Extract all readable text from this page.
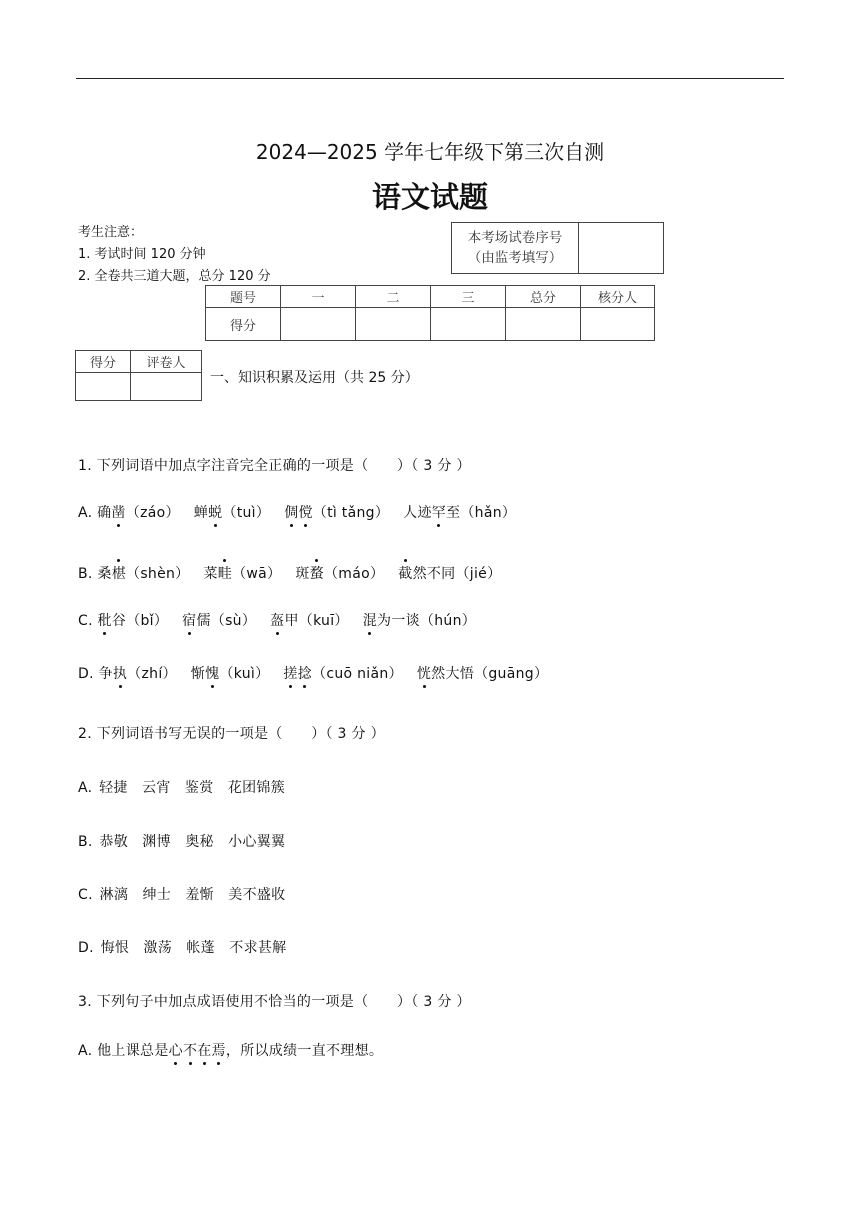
2024—2025 学年七年级下第三次自测
语文试题
考生注意：
1. 考试时间 120 分钟
2. 全卷共三道大题，总分 120 分
本考场试卷序号
（由监考填写）

题号	一	二	三	总分	核分人
得分					
得分	评卷人

一、知识积累及运用（共 25 分）
1. 下列词语中加点字注音完全正确的一项是（　　）（ 3 分 ）
A. 确凿（záo） 蝉蜕（tuì） 倜傥（tì tǎng） 人迹罕至（hǎn）
B. 桑椹（shèn） 菜畦（wā） 斑蝥（máo） 截然不同（jié）
C. 秕谷（bǐ） 宿儒（sù） 盔甲（kuī） 混为一谈（hún）
D. 争执（zhí） 惭愧（kuì） 搓捻（cuō niǎn） 恍然大悟（guāng）
2. 下列词语书写无误的一项是（　　）（ 3 分 ）
A. 轻捷　云宵　鉴赏　花团锦簇
B. 恭敬　渊博　奥秘　小心翼翼
C. 淋漓　绅士　羞惭　美不盛收
D. 悔恨　激荡　帐蓬　不求甚解
3. 下列句子中加点成语使用不恰当的一项是（　　）（ 3 分 ）
A. 他上课总是心不在焉，所以成绩一直不理想。
